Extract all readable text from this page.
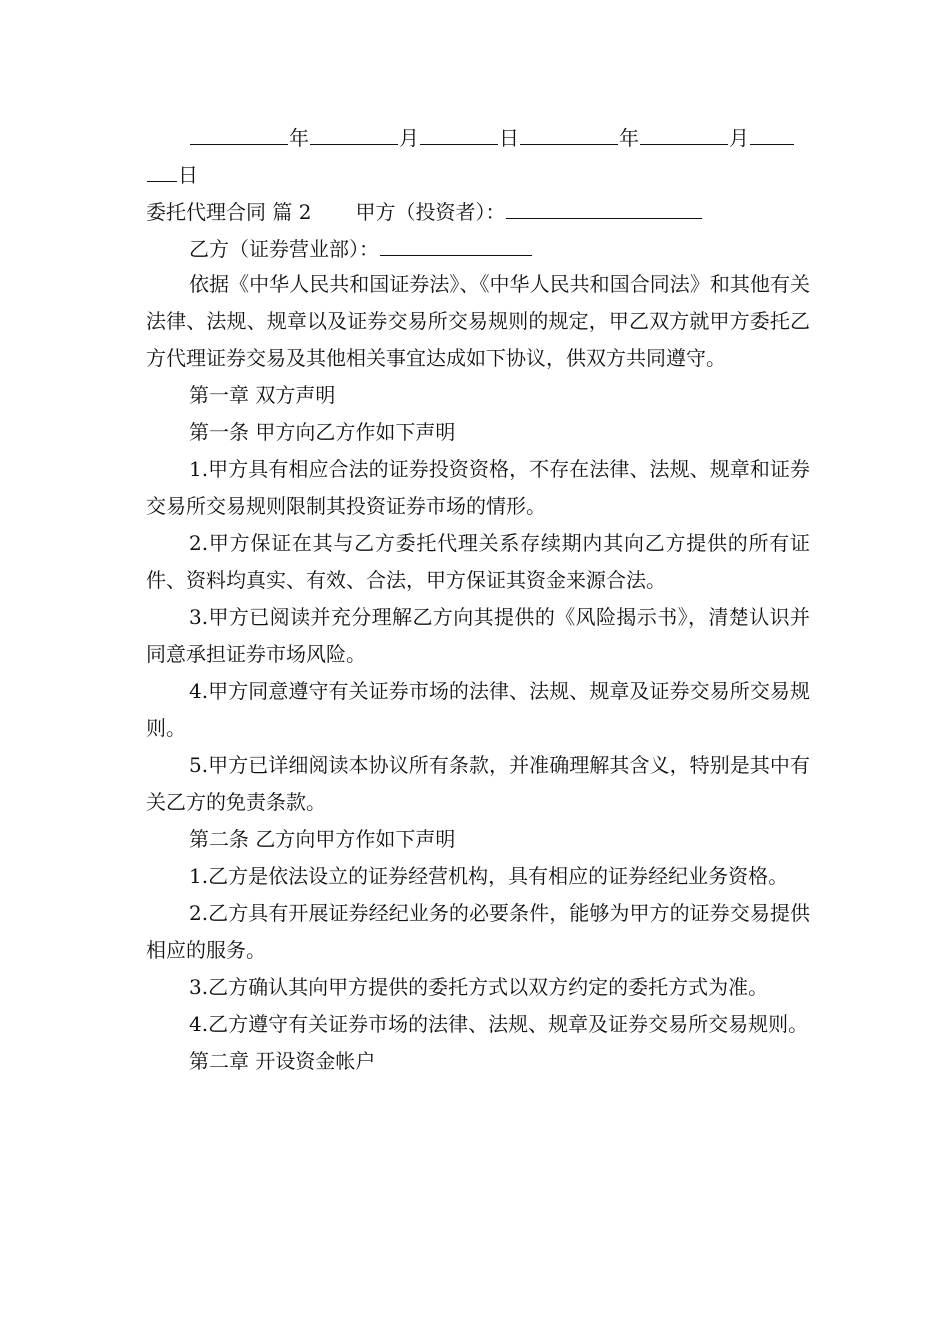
年	月	日	年	月
日
委托代理合同 篇 2 甲方（投资者）：
乙方（证券营业部）：

依据《中华人民共和国证券法》、《中华人民共和国合同法》和其他有关法律、法规、规章以及证券交易所交易规则的规定，甲乙双方就甲方委托乙方代理证券交易及其他相关事宜达成如下协议，供双方共同遵守。

第一章 双方声明

第一条 甲方向乙方作如下声明

1.甲方具有相应合法的证券投资资格，不存在法律、法规、规章和证券交易所交易规则限制其投资证券市场的情形。

2.甲方保证在其与乙方委托代理关系存续期内其向乙方提供的所有证件、资料均真实、有效、合法，甲方保证其资金来源合法。

3.甲方已阅读并充分理解乙方向其提供的《风险揭示书》，清楚认识并同意承担证券市场风险。

4.甲方同意遵守有关证券市场的法律、法规、规章及证券交易所交易规则。

5.甲方已详细阅读本协议所有条款，并准确理解其含义，特别是其中有关乙方的免责条款。

第二条 乙方向甲方作如下声明

1.乙方是依法设立的证券经营机构，具有相应的证券经纪业务资格。

2.乙方具有开展证券经纪业务的必要条件，能够为甲方的证券交易提供相应的服务。

3.乙方确认其向甲方提供的委托方式以双方约定的委托方式为准。

4.乙方遵守有关证券市场的法律、法规、规章及证券交易所交易规则。

第二章 开设资金帐户
